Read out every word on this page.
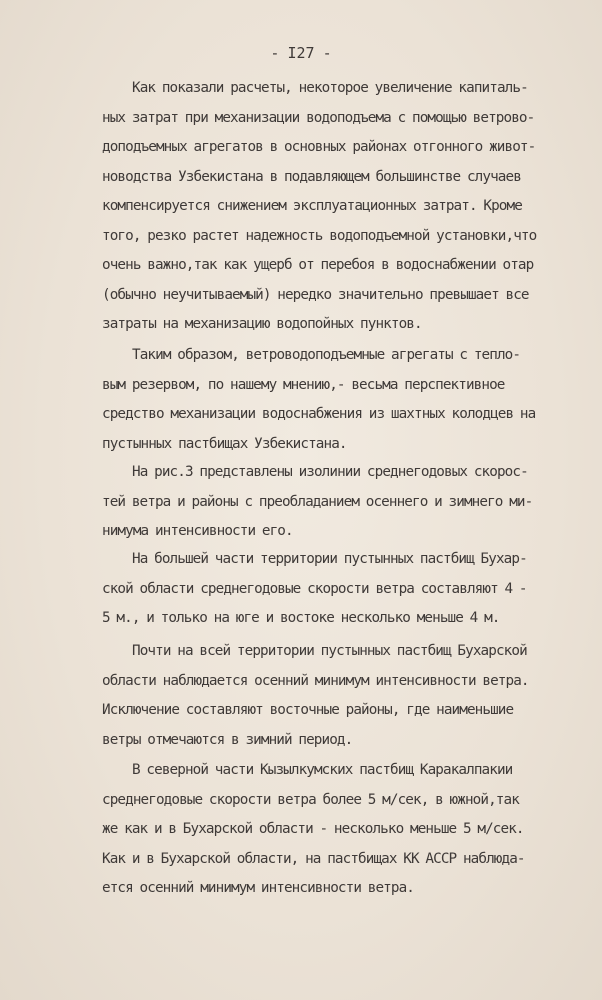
- I27 -
Как показали расчеты, некоторое увеличение капиталь-
ных затрат при механизации водоподъема с помощью ветрово-
доподъемных агрегатов в основных районах отгонного живот-
новодства Узбекистана в подавляющем большинстве случаев
компенсируется снижением эксплуатационных затрат. Кроме
того, резко растет надежность водоподъемной установки,что
очень важно,так как ущерб от перебоя в водоснабжении отар
(обычно неучитываемый) нередко значительно превышает все
затраты на механизацию водопойных пунктов.
Таким образом, ветроводоподъемные агрегаты с тепло-
вым резервом, по нашему мнению,- весьма перспективное
средство механизации водоснабжения из шахтных колодцев на
пустынных пастбищах Узбекистана.
На рис.3 представлены изолинии среднегодовых скорос-
тей ветра и районы с преобладанием осеннего и зимнего ми-
нимума интенсивности его.
На большей части территории пустынных пастбищ Бухар-
ской области среднегодовые скорости ветра составляют 4 -
5 м., и только на юге и востоке несколько меньше 4 м.
Почти на всей территории пустынных пастбищ Бухарской
области наблюдается осенний минимум интенсивности ветра.
Исключение составляют восточные районы, где наименьшие
ветры отмечаются в зимний период.
В северной части Кызылкумских пастбищ Каракалпакии
среднегодовые скорости ветра более 5 м/сек, в южной,так
же как и в Бухарской области - несколько меньше 5 м/сек.
Как и в Бухарской области, на пастбищах КК АССР наблюда-
ется осенний минимум интенсивности ветра.
